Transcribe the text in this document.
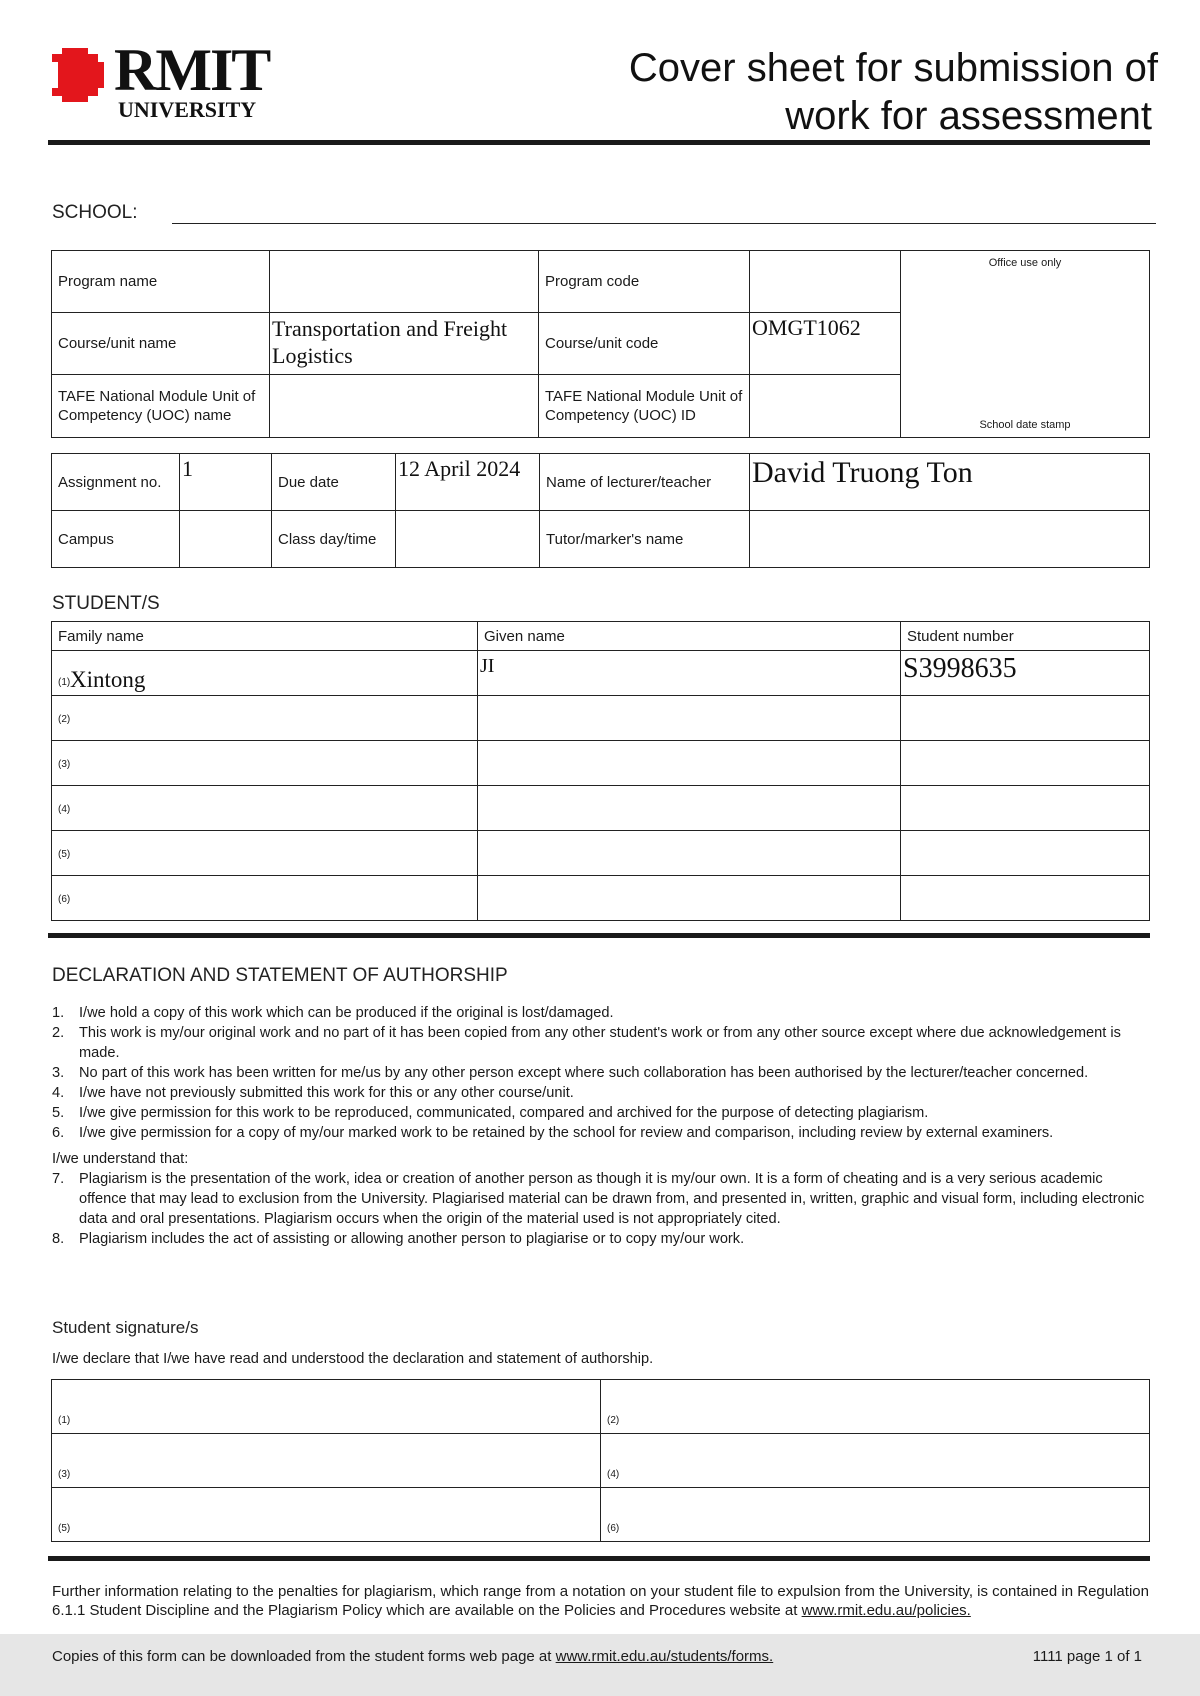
RMIT
UNIVERSITY
Cover sheet for submission of
work for assessment
SCHOOL:
Program name		Program code		Office use only
School date stamp

Course/unit name	Transportation and Freight Logistics	Course/unit code	OMGT1062	

TAFE National Module Unit of Competency (UOC) name		TAFE National Module Unit of Competency (UOC) ID		
Assignment no.	1	Due date	12 April 2024	Name of lecturer/teacher	David Truong Ton

Campus		Class day/time		Tutor/marker's name	
STUDENT/S
Family name	Given name	Student number

(1) Xintong	JI	S3998635

(2)		
(3)		
(4)		
(5)		
(6)		
DECLARATION AND STATEMENT OF AUTHORSHIP
1. I/we hold a copy of this work which can be produced if the original is lost/damaged.
2. This work is my/our original work and no part of it has been copied from any other student's work or from any other source except where due acknowledgement is made.
3. No part of this work has been written for me/us by any other person except where such collaboration has been authorised by the lecturer/teacher concerned.
4. I/we have not previously submitted this work for this or any other course/unit.
5. I/we give permission for this work to be reproduced, communicated, compared and archived for the purpose of detecting plagiarism.
6. I/we give permission for a copy of my/our marked work to be retained by the school for review and comparison, including review by external examiners.
I/we understand that:
7. Plagiarism is the presentation of the work, idea or creation of another person as though it is my/our own. It is a form of cheating and is a very serious academic offence that may lead to exclusion from the University. Plagiarised material can be drawn from, and presented in, written, graphic and visual form, including electronic data and oral presentations. Plagiarism occurs when the origin of the material used is not appropriately cited.
8. Plagiarism includes the act of assisting or allowing another person to plagiarise or to copy my/our work.
Student signature/s
I/we declare that I/we have read and understood the declaration and statement of authorship.
(1)	(2)
(3)	(4)
(5)	(6)
Further information relating to the penalties for plagiarism, which range from a notation on your student file to expulsion from the University, is contained in Regulation 6.1.1 Student Discipline and the Plagiarism Policy which are available on the Policies and Procedures website at www.rmit.edu.au/policies.
Copies of this form can be downloaded from the student forms web page at www.rmit.edu.au/students/forms.	1111 page 1 of 1
